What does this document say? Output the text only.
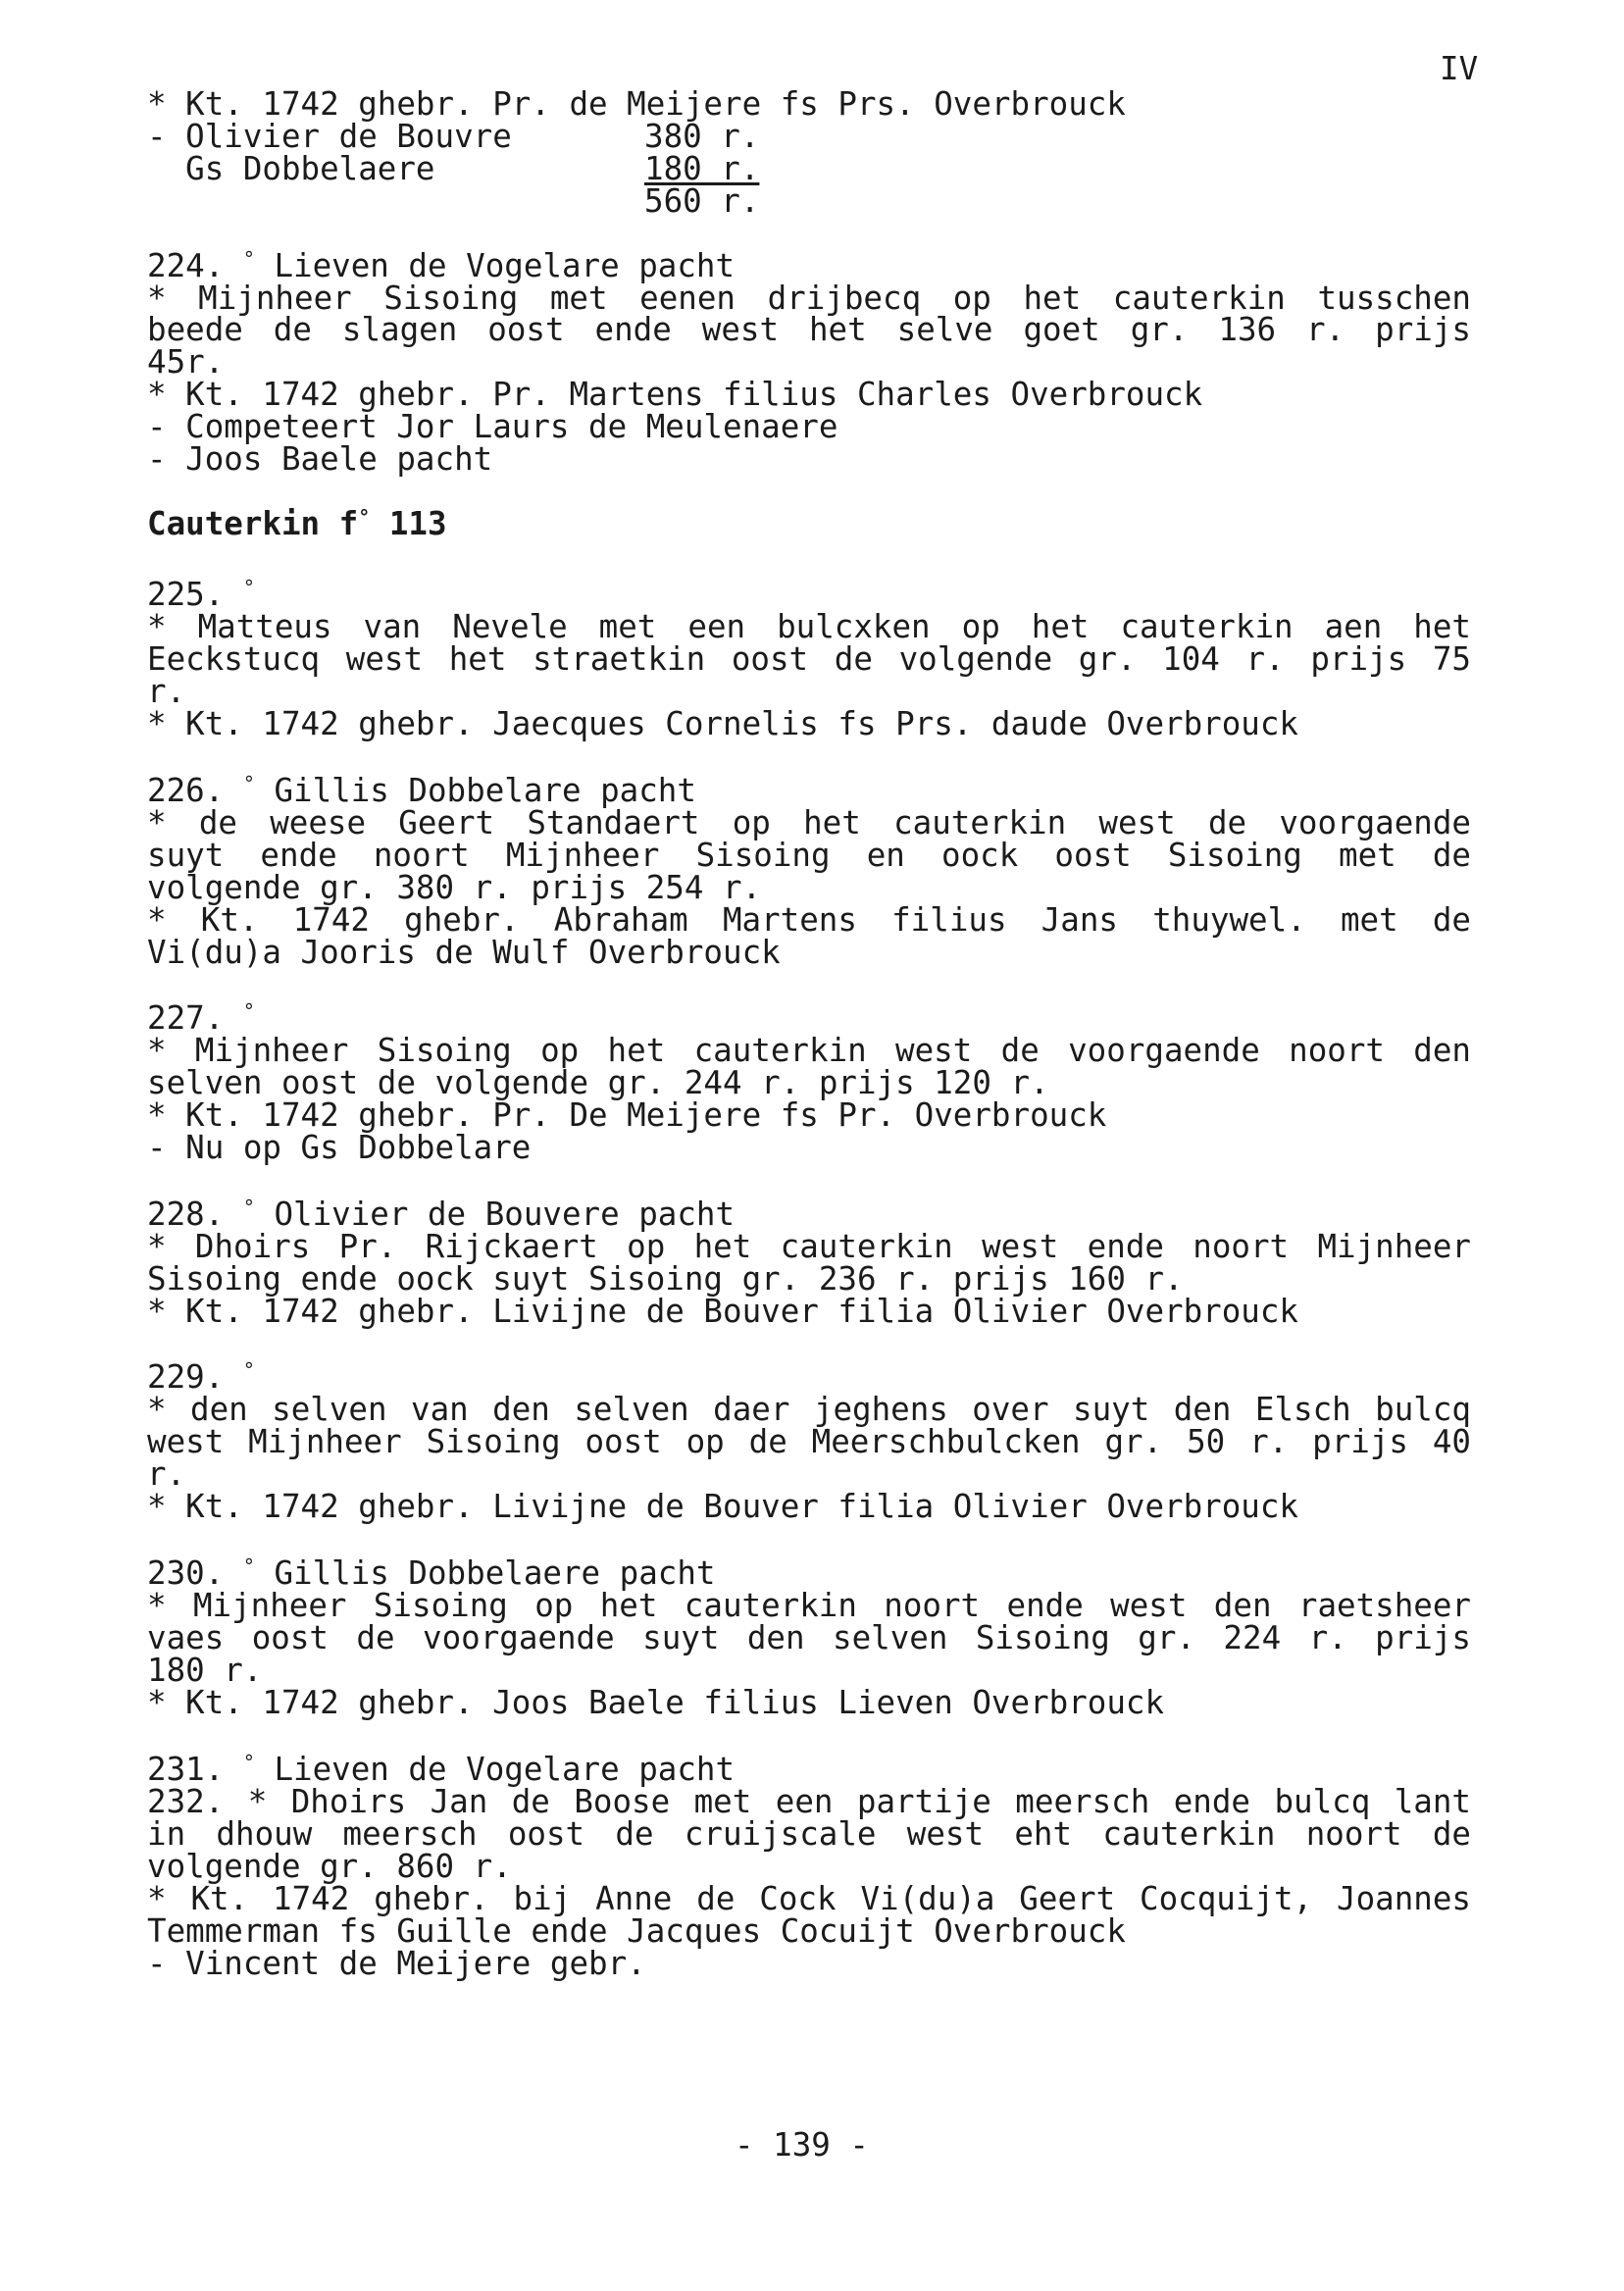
IV
* Kt. 1742 ghebr. Pr. de Meijere fs Prs. Overbrouck
- Olivier de Bouvre	380 r.
Gs Dobbelaere	180 r.
560 r.
224. ° Lieven de Vogelare pacht
* Mijnheer Sisoing met eenen drijbecq op het cauterkin tusschen
beede de slagen oost ende west het selve goet gr. 136 r. prijs
45r.
* Kt. 1742 ghebr. Pr. Martens filius Charles Overbrouck
- Competeert Jor Laurs de Meulenaere
- Joos Baele pacht
Cauterkin f° 113
225. °
* Matteus van Nevele met een bulcxken op het cauterkin aen het
Eeckstucq west het straetkin oost de volgende gr. 104 r. prijs 75
r.
* Kt. 1742 ghebr. Jaecques Cornelis fs Prs. daude Overbrouck
226. ° Gillis Dobbelare pacht
* de weese Geert Standaert op het cauterkin west de voorgaende
suyt ende noort Mijnheer Sisoing en oock oost Sisoing met de
volgende gr. 380 r. prijs 254 r.
* Kt. 1742 ghebr. Abraham Martens filius Jans thuywel. met de
Vi(du)a Jooris de Wulf Overbrouck
227. °
* Mijnheer Sisoing op het cauterkin west de voorgaende noort den
selven oost de volgende gr. 244 r. prijs 120 r.
* Kt. 1742 ghebr. Pr. De Meijere fs Pr. Overbrouck
- Nu op Gs Dobbelare
228. ° Olivier de Bouvere pacht
* Dhoirs Pr. Rijckaert op het cauterkin west ende noort Mijnheer
Sisoing ende oock suyt Sisoing gr. 236 r. prijs 160 r.
* Kt. 1742 ghebr. Livijne de Bouver filia Olivier Overbrouck
229. °
* den selven van den selven daer jeghens over suyt den Elsch bulcq
west Mijnheer Sisoing oost op de Meerschbulcken gr. 50 r. prijs 40
r.
* Kt. 1742 ghebr. Livijne de Bouver filia Olivier Overbrouck
230. ° Gillis Dobbelaere pacht
* Mijnheer Sisoing op het cauterkin noort ende west den raetsheer
vaes oost de voorgaende suyt den selven Sisoing gr. 224 r. prijs
180 r.
* Kt. 1742 ghebr. Joos Baele filius Lieven Overbrouck
231. ° Lieven de Vogelare pacht
232. * Dhoirs Jan de Boose met een partije meersch ende bulcq lant
in dhouw meersch oost de cruijscale west eht cauterkin noort de
volgende gr. 860 r.
* Kt. 1742 ghebr. bij Anne de Cock Vi(du)a Geert Cocquijt, Joannes
Temmerman fs Guille ende Jacques Cocuijt Overbrouck
- Vincent de Meijere gebr.
- 139 -
